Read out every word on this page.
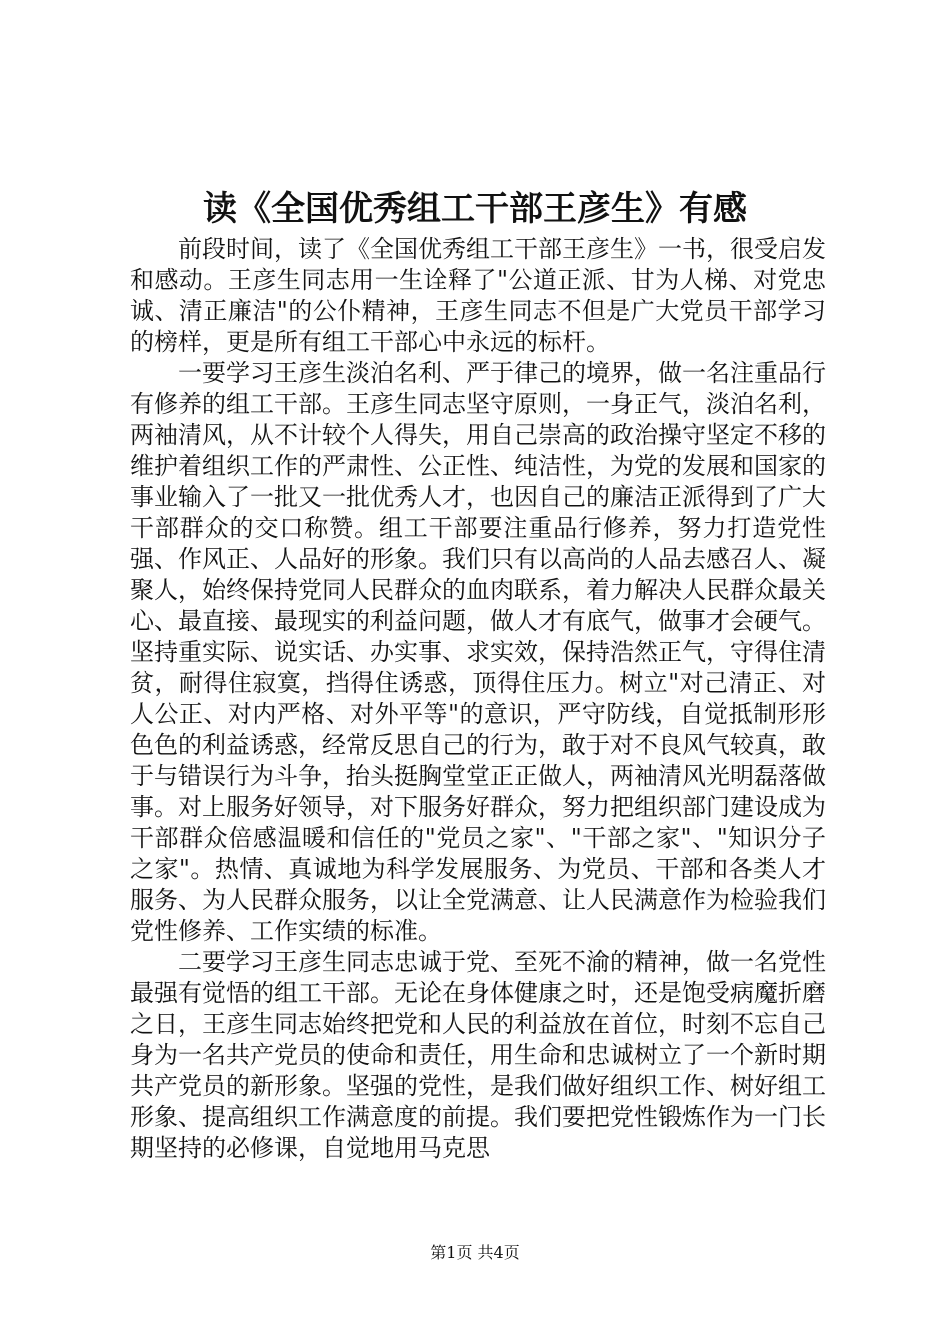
读《全国优秀组工干部王彦生》有感

前段时间，读了《全国优秀组工干部王彦生》一书，很受启发和感动。王彦生同志用一生诠释了"公道正派、甘为人梯、对党忠诚、清正廉洁"的公仆精神，王彦生同志不但是广大党员干部学习的榜样，更是所有组工干部心中永远的标杆。

一要学习王彦生淡泊名利、严于律己的境界，做一名注重品行有修养的组工干部。王彦生同志坚守原则，一身正气，淡泊名利，两袖清风，从不计较个人得失，用自己崇高的政治操守坚定不移的维护着组织工作的严肃性、公正性、纯洁性，为党的发展和国家的事业输入了一批又一批优秀人才，也因自己的廉洁正派得到了广大干部群众的交口称赞。组工干部要注重品行修养，努力打造党性强、作风正、人品好的形象。我们只有以高尚的人品去感召人、凝聚人，始终保持党同人民群众的血肉联系，着力解决人民群众最关心、最直接、最现实的利益问题，做人才有底气，做事才会硬气。坚持重实际、说实话、办实事、求实效，保持浩然正气，守得住清贫，耐得住寂寞，挡得住诱惑，顶得住压力。树立"对己清正、对人公正、对内严格、对外平等"的意识，严守防线，自觉抵制形形色色的利益诱惑，经常反思自己的行为，敢于对不良风气较真，敢于与错误行为斗争，抬头挺胸堂堂正正做人，两袖清风光明磊落做事。对上服务好领导，对下服务好群众，努力把组织部门建设成为干部群众倍感温暖和信任的"党员之家"、"干部之家"、"知识分子之家"。热情、真诚地为科学发展服务、为党员、干部和各类人才服务、为人民群众服务，以让全党满意、让人民满意作为检验我们党性修养、工作实绩的标准。

二要学习王彦生同志忠诚于党、至死不渝的精神，做一名党性最强有觉悟的组工干部。无论在身体健康之时，还是饱受病魔折磨之日，王彦生同志始终把党和人民的利益放在首位，时刻不忘自己身为一名共产党员的使命和责任，用生命和忠诚树立了一个新时期共产党员的新形象。坚强的党性，是我们做好组织工作、树好组工形象、提高组织工作满意度的前提。我们要把党性锻炼作为一门长期坚持的必修课，自觉地用马克思

第1页 共4页
